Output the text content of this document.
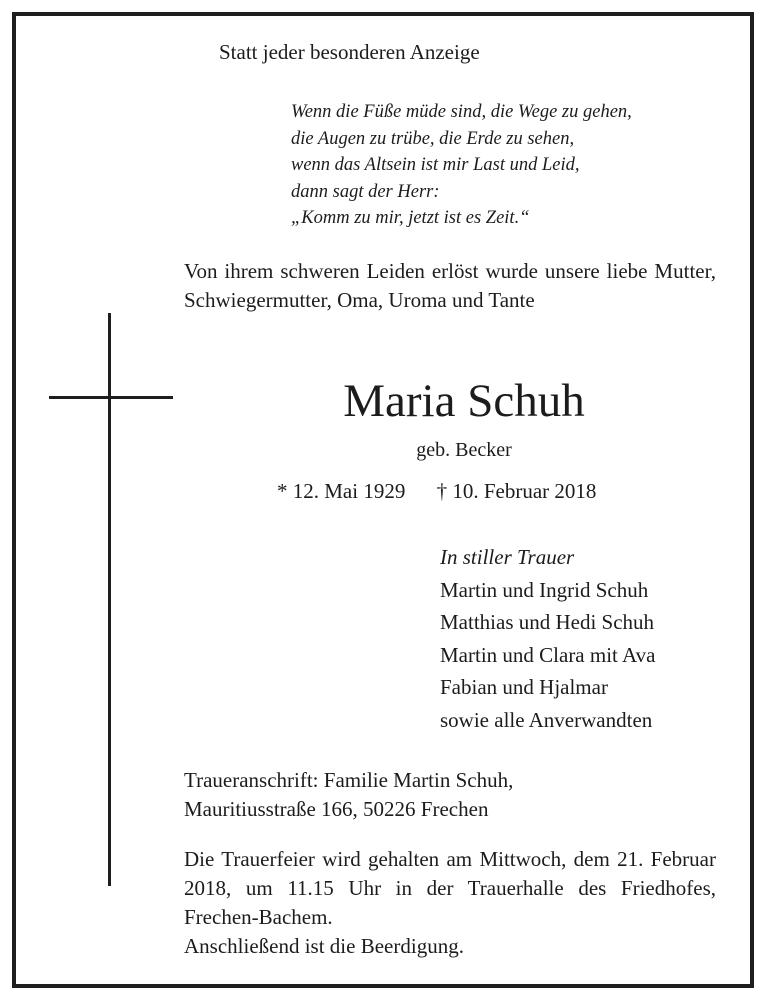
Statt jeder besonderen Anzeige
Wenn die Füße müde sind, die Wege zu gehen,
die Augen zu trübe, die Erde zu sehen,
wenn das Altsein ist mir Last und Leid,
dann sagt der Herr:
„Komm zu mir, jetzt ist es Zeit.“
Von ihrem schweren Leiden erlöst wurde unsere liebe Mutter, Schwiegermutter, Oma, Uroma und Tante
Maria Schuh
geb. Becker
* 12. Mai 1929 † 10. Februar 2018
In stiller Trauer
Martin und Ingrid Schuh
Matthias und Hedi Schuh
Martin und Clara mit Ava
Fabian und Hjalmar
sowie alle Anverwandten
Traueranschrift: Familie Martin Schuh,
Mauritiusstraße 166, 50226 Frechen
Die Trauerfeier wird gehalten am Mittwoch, dem 21. Februar 2018, um 11.15 Uhr in der Trauerhalle des Friedhofes, Frechen-Bachem.
Anschließend ist die Beerdigung.
